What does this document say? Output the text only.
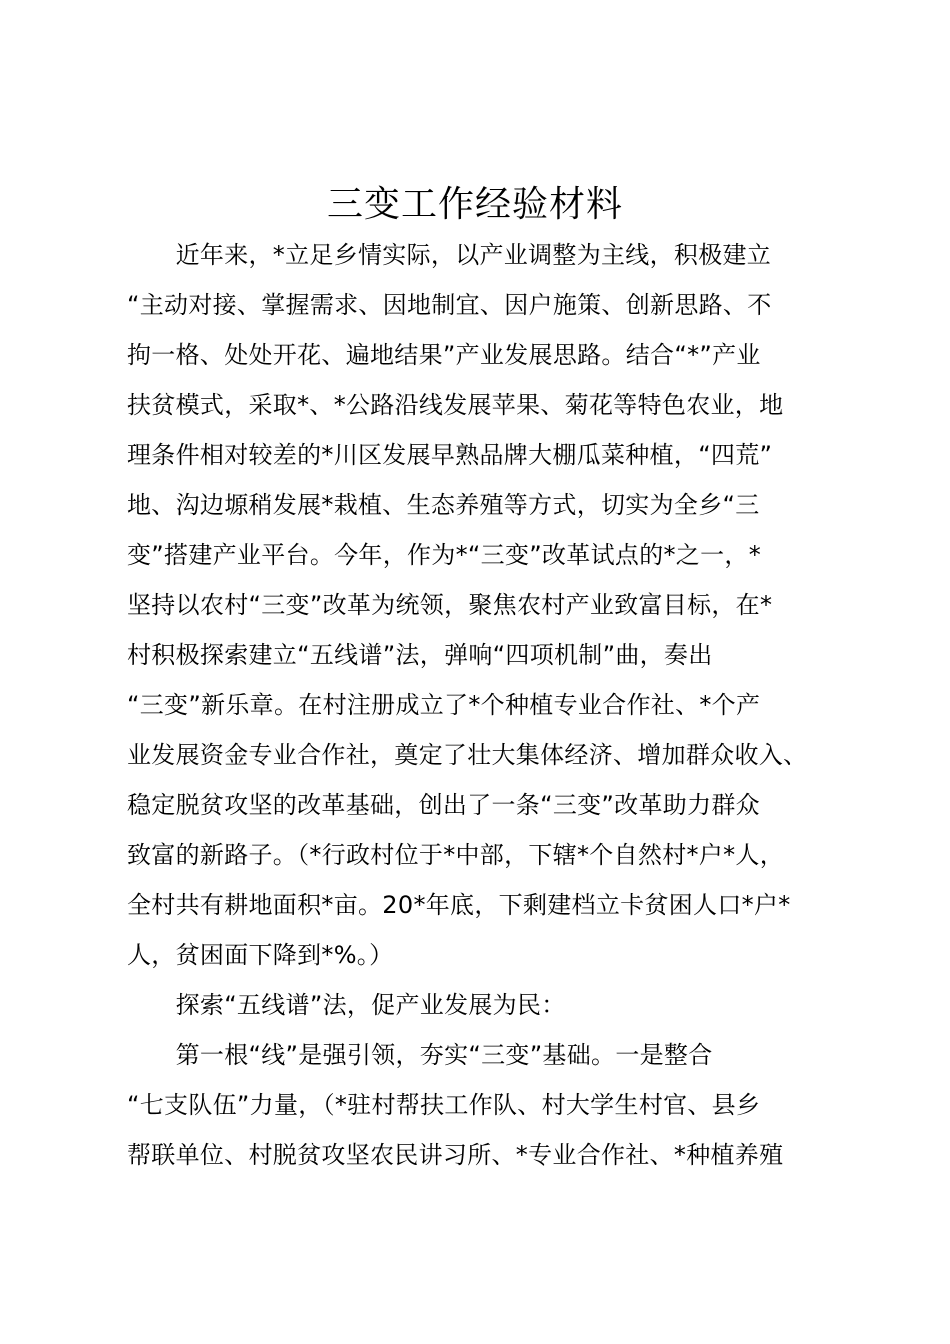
三变工作经验材料
　　近年来，*立足乡情实际，以产业调整为主线，积极建立
“主动对接、掌握需求、因地制宜、因户施策、创新思路、不
拘一格、处处开花、遍地结果”产业发展思路。结合“*”产业
扶贫模式，采取*、*公路沿线发展苹果、菊花等特色农业，地
理条件相对较差的*川区发展早熟品牌大棚瓜菜种植，“四荒”
地、沟边塬稍发展*栽植、生态养殖等方式，切实为全乡“三
变”搭建产业平台。今年，作为*“三变”改革试点的*之一，*
坚持以农村“三变”改革为统领，聚焦农村产业致富目标，在*
村积极探索建立“五线谱”法，弹响“四项机制”曲，奏出
“三变”新乐章。在村注册成立了*个种植专业合作社、*个产
业发展资金专业合作社，奠定了壮大集体经济、增加群众收入、
稳定脱贫攻坚的改革基础，创出了一条“三变”改革助力群众
致富的新路子。（*行政村位于*中部，下辖*个自然村*户*人，
全村共有耕地面积*亩。20*年底，下剩建档立卡贫困人口*户*
人，贫困面下降到*%。）
　　探索“五线谱”法，促产业发展为民：
　　第一根“线”是强引领，夯实“三变”基础。一是整合
“七支队伍”力量，（*驻村帮扶工作队、村大学生村官、县乡
帮联单位、村脱贫攻坚农民讲习所、*专业合作社、*种植养殖
